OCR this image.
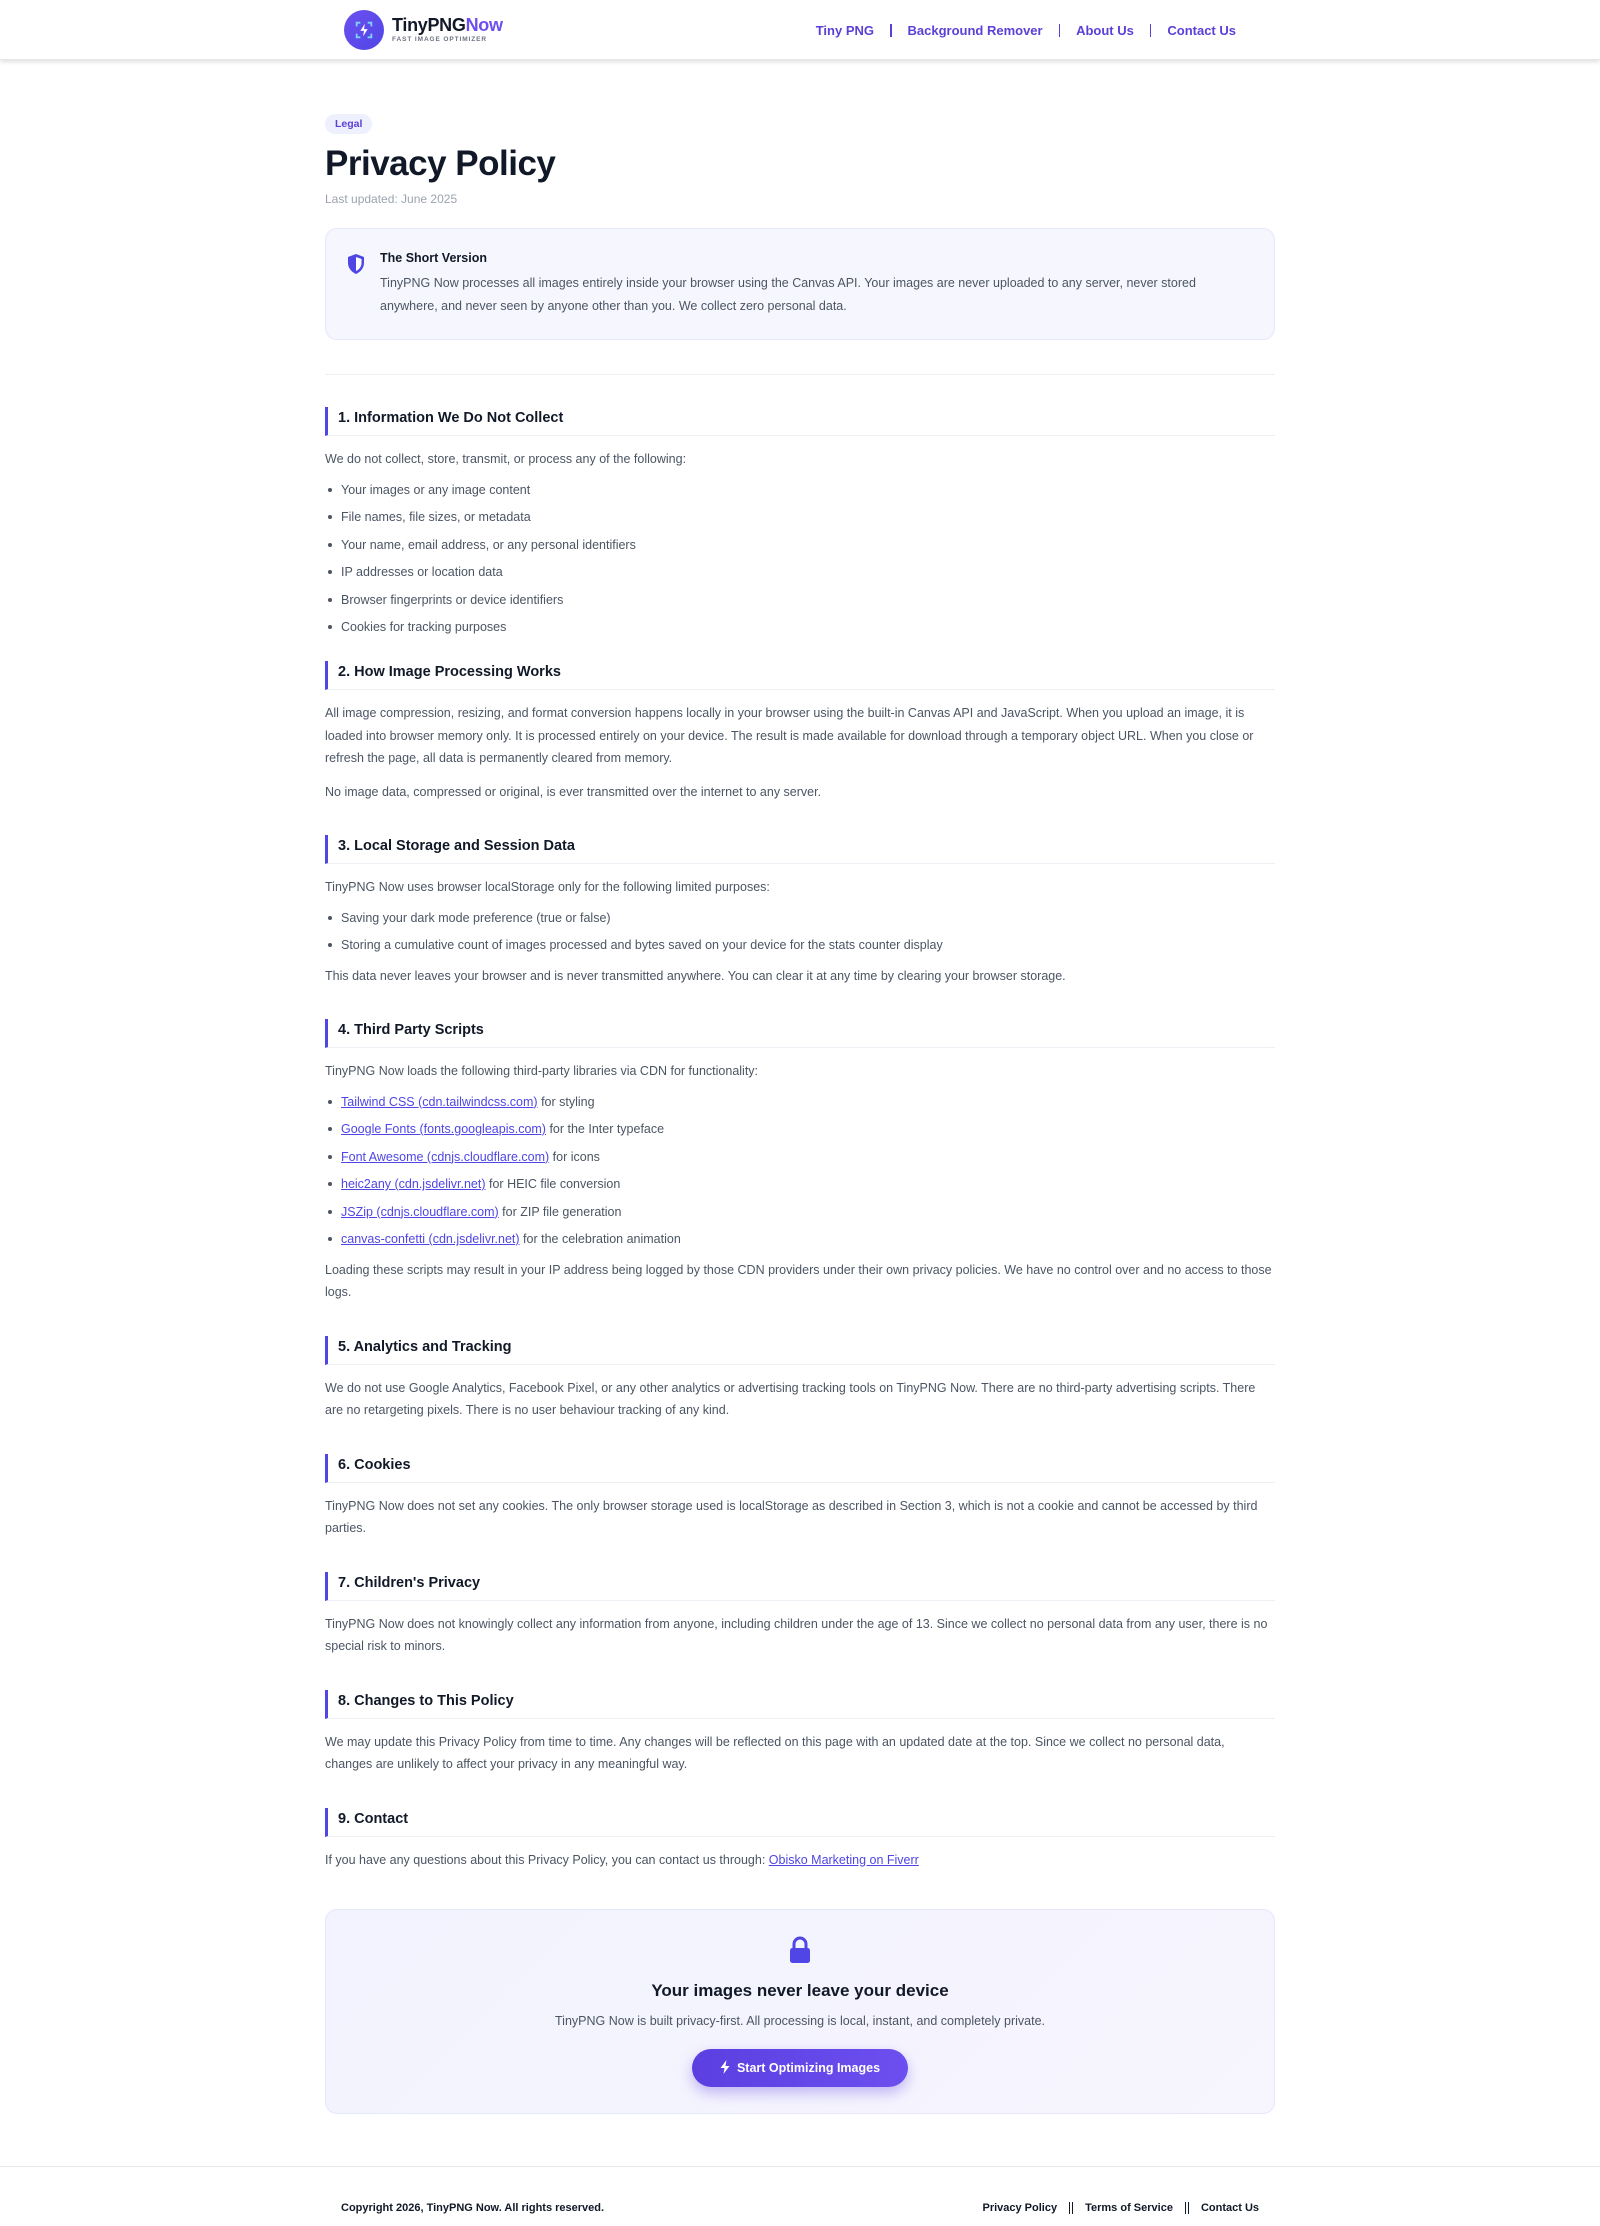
TinyPNGNow
FAST IMAGE OPTIMIZER
Tiny PNG	Background Remover	About Us	Contact Us
Legal
Privacy Policy
Last updated: June 2025
The Short Version
TinyPNG Now processes all images entirely inside your browser using the Canvas API. Your images are never uploaded to any server, never stored anywhere, and never seen by anyone other than you. We collect zero personal data.
1. Information We Do Not Collect

We do not collect, store, transmit, or process any of the following:

Your images or any image content
File names, file sizes, or metadata
Your name, email address, or any personal identifiers
IP addresses or location data
Browser fingerprints or device identifiers
Cookies for tracking purposes
2. How Image Processing Works

All image compression, resizing, and format conversion happens locally in your browser using the built-in Canvas API and JavaScript. When you upload an image, it is loaded into browser memory only. It is processed entirely on your device. The result is made available for download through a temporary object URL. When you close or refresh the page, all data is permanently cleared from memory.

No image data, compressed or original, is ever transmitted over the internet to any server.

3. Local Storage and Session Data

TinyPNG Now uses browser localStorage only for the following limited purposes:

Saving your dark mode preference (true or false)
Storing a cumulative count of images processed and bytes saved on your device for the stats counter display

This data never leaves your browser and is never transmitted anywhere. You can clear it at any time by clearing your browser storage.

4. Third Party Scripts

TinyPNG Now loads the following third-party libraries via CDN for functionality:

Tailwind CSS (cdn.tailwindcss.com) for styling
Google Fonts (fonts.googleapis.com) for the Inter typeface
Font Awesome (cdnjs.cloudflare.com) for icons
heic2any (cdn.jsdelivr.net) for HEIC file conversion
JSZip (cdnjs.cloudflare.com) for ZIP file generation
canvas-confetti (cdn.jsdelivr.net) for the celebration animation

Loading these scripts may result in your IP address being logged by those CDN providers under their own privacy policies. We have no control over and no access to those logs.

5. Analytics and Tracking

We do not use Google Analytics, Facebook Pixel, or any other analytics or advertising tracking tools on TinyPNG Now. There are no third-party advertising scripts. There are no retargeting pixels. There is no user behaviour tracking of any kind.

6. Cookies

TinyPNG Now does not set any cookies. The only browser storage used is localStorage as described in Section 3, which is not a cookie and cannot be accessed by third parties.

7. Children's Privacy

TinyPNG Now does not knowingly collect any information from anyone, including children under the age of 13. Since we collect no personal data from any user, there is no special risk to minors.

8. Changes to This Policy

We may update this Privacy Policy from time to time. Any changes will be reflected on this page with an updated date at the top. Since we collect no personal data, changes are unlikely to affect your privacy in any meaningful way.

9. Contact

If you have any questions about this Privacy Policy, you can contact us through: Obisko Marketing on Fiverr

Your images never leave your device
TinyPNG Now is built privacy-first. All processing is local, instant, and completely private.
Start Optimizing Images
Copyright 2026, TinyPNG Now. All rights reserved.	Privacy Policy	Terms of Service	Contact Us
